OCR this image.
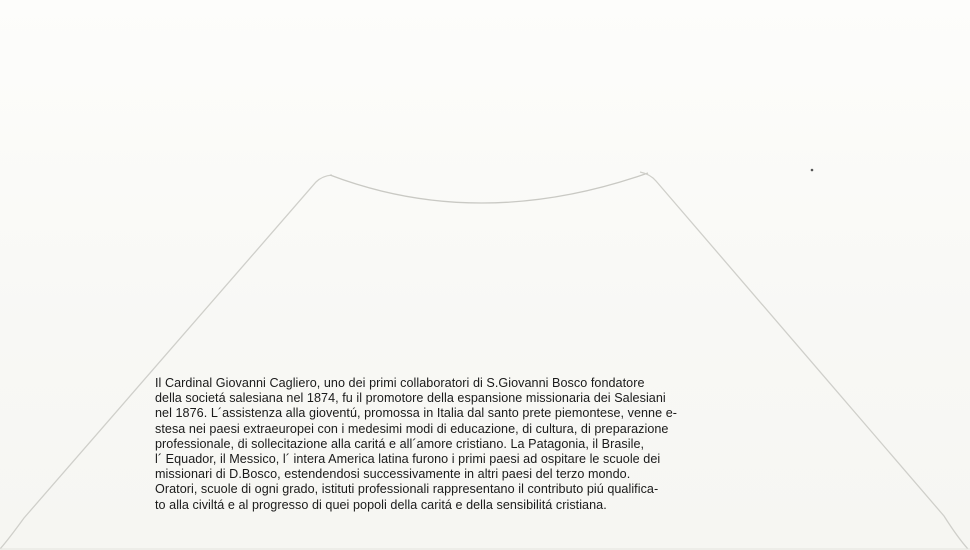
Il Cardinal Giovanni Cagliero, uno dei primi collaboratori di S.Giovanni Bosco fondatore
della societá salesiana nel 1874, fu il promotore della espansione missionaria dei Salesiani
nel 1876. L´assistenza alla gioventú, promossa in Italia dal santo prete piemontese, venne e-
stesa nei paesi extraeuropei con i medesimi modi di educazione, di cultura, di preparazione
professionale, di sollecitazione alla caritá e all´amore cristiano. La Patagonia, il Brasile,
l´ Equador, il Messico, l´ intera America latina furono i primi paesi ad ospitare le scuole dei
missionari di D.Bosco, estendendosi successivamente in altri paesi del terzo mondo.
Oratori, scuole di ogni grado, istituti professionali rappresentano il contributo piú qualifica-
to alla civiltá e al progresso di quei popoli della caritá e della sensibilitá cristiana.
